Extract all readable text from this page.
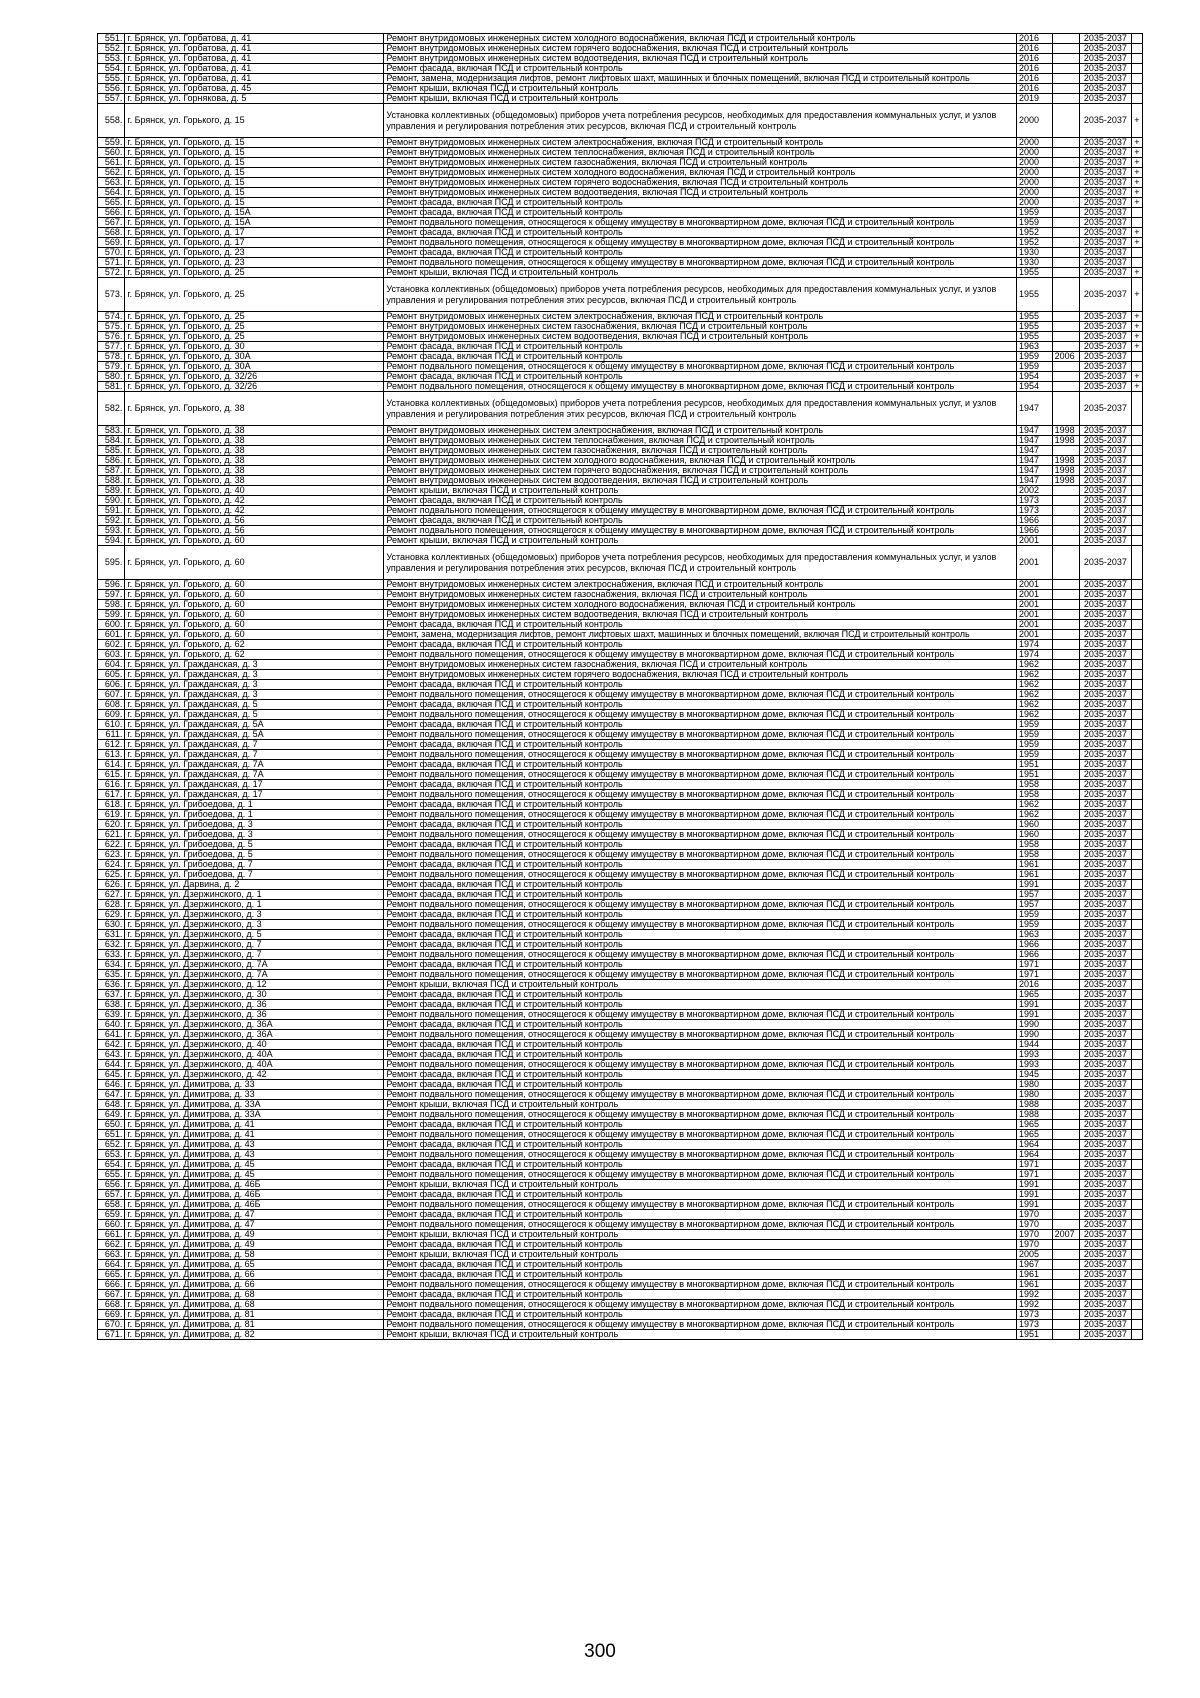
551.	г. Брянск, ул. Горбатова, д. 41	Ремонт внутридомовых инженерных систем холодного водоснабжения, включая ПСД и строительный контроль	2016		2035-2037	
552.	г. Брянск, ул. Горбатова, д. 41	Ремонт внутридомовых инженерных систем горячего водоснабжения, включая ПСД и строительный контроль	2016		2035-2037	
553.	г. Брянск, ул. Горбатова, д. 41	Ремонт внутридомовых инженерных систем водоотведения, включая ПСД и строительный контроль	2016		2035-2037	
554.	г. Брянск, ул. Горбатова, д. 41	Ремонт фасада, включая ПСД и строительный контроль	2016		2035-2037	
555.	г. Брянск, ул. Горбатова, д. 41	Ремонт, замена, модернизация лифтов, ремонт лифтовых шахт, машинных и блочных помещений, включая ПСД и строительный контроль	2016		2035-2037	
556.	г. Брянск, ул. Горбатова, д. 45	Ремонт крыши, включая ПСД и строительный контроль	2016		2035-2037	
557.	г. Брянск, ул. Горнякова, д. 5	Ремонт крыши, включая ПСД и строительный контроль	2019		2035-2037	
558.	г. Брянск, ул. Горького, д. 15	Установка коллективных (общедомовых) приборов учета потребления ресурсов, необходимых для предоставления коммунальных услуг, и узлов управления и регулирования потребления этих ресурсов, включая ПСД и строительный контроль	2000		2035-2037	+
559.	г. Брянск, ул. Горького, д. 15	Ремонт внутридомовых инженерных систем электроснабжения, включая ПСД и строительный контроль	2000		2035-2037	+
560.	г. Брянск, ул. Горького, д. 15	Ремонт внутридомовых инженерных систем теплоснабжения, включая ПСД и строительный контроль	2000		2035-2037	+
561.	г. Брянск, ул. Горького, д. 15	Ремонт внутридомовых инженерных систем газоснабжения, включая ПСД и строительный контроль	2000		2035-2037	+
562.	г. Брянск, ул. Горького, д. 15	Ремонт внутридомовых инженерных систем холодного водоснабжения, включая ПСД и строительный контроль	2000		2035-2037	+
563.	г. Брянск, ул. Горького, д. 15	Ремонт внутридомовых инженерных систем горячего водоснабжения, включая ПСД и строительный контроль	2000		2035-2037	+
564.	г. Брянск, ул. Горького, д. 15	Ремонт внутридомовых инженерных систем водоотведения, включая ПСД и строительный контроль	2000		2035-2037	+
565.	г. Брянск, ул. Горького, д. 15	Ремонт фасада, включая ПСД и строительный контроль	2000		2035-2037	+
566.	г. Брянск, ул. Горького, д. 15А	Ремонт фасада, включая ПСД и строительный контроль	1959		2035-2037	
567.	г. Брянск, ул. Горького, д. 15А	Ремонт подвального помещения, относящегося к общему имуществу в многоквартирном доме, включая ПСД и строительный контроль	1959		2035-2037	
568.	г. Брянск, ул. Горького, д. 17	Ремонт фасада, включая ПСД и строительный контроль	1952		2035-2037	+
569.	г. Брянск, ул. Горького, д. 17	Ремонт подвального помещения, относящегося к общему имуществу в многоквартирном доме, включая ПСД и строительный контроль	1952		2035-2037	+
570.	г. Брянск, ул. Горького, д. 23	Ремонт фасада, включая ПСД и строительный контроль	1930		2035-2037	
571.	г. Брянск, ул. Горького, д. 23	Ремонт подвального помещения, относящегося к общему имуществу в многоквартирном доме, включая ПСД и строительный контроль	1930		2035-2037	
572.	г. Брянск, ул. Горького, д. 25	Ремонт крыши, включая ПСД и строительный контроль	1955		2035-2037	+
573.	г. Брянск, ул. Горького, д. 25	Установка коллективных (общедомовых) приборов учета потребления ресурсов, необходимых для предоставления коммунальных услуг, и узлов управления и регулирования потребления этих ресурсов, включая ПСД и строительный контроль	1955		2035-2037	+
574.	г. Брянск, ул. Горького, д. 25	Ремонт внутридомовых инженерных систем электроснабжения, включая ПСД и строительный контроль	1955		2035-2037	+
575.	г. Брянск, ул. Горького, д. 25	Ремонт внутридомовых инженерных систем газоснабжения, включая ПСД и строительный контроль	1955		2035-2037	+
576.	г. Брянск, ул. Горького, д. 25	Ремонт внутридомовых инженерных систем водоотведения, включая ПСД и строительный контроль	1955		2035-2037	+
577.	г. Брянск, ул. Горького, д. 30	Ремонт фасада, включая ПСД и строительный контроль	1963		2035-2037	+
578.	г. Брянск, ул. Горького, д. 30А	Ремонт фасада, включая ПСД и строительный контроль	1959	2006	2035-2037	
579.	г. Брянск, ул. Горького, д. 30А	Ремонт подвального помещения, относящегося к общему имуществу в многоквартирном доме, включая ПСД и строительный контроль	1959		2035-2037	
580.	г. Брянск, ул. Горького, д. 32/26	Ремонт фасада, включая ПСД и строительный контроль	1954		2035-2037	+
581.	г. Брянск, ул. Горького, д. 32/26	Ремонт подвального помещения, относящегося к общему имуществу в многоквартирном доме, включая ПСД и строительный контроль	1954		2035-2037	+
582.	г. Брянск, ул. Горького, д. 38	Установка коллективных (общедомовых) приборов учета потребления ресурсов, необходимых для предоставления коммунальных услуг, и узлов управления и регулирования потребления этих ресурсов, включая ПСД и строительный контроль	1947		2035-2037	
583.	г. Брянск, ул. Горького, д. 38	Ремонт внутридомовых инженерных систем электроснабжения, включая ПСД и строительный контроль	1947	1998	2035-2037	
584.	г. Брянск, ул. Горького, д. 38	Ремонт внутридомовых инженерных систем теплоснабжения, включая ПСД и строительный контроль	1947	1998	2035-2037	
585.	г. Брянск, ул. Горького, д. 38	Ремонт внутридомовых инженерных систем газоснабжения, включая ПСД и строительный контроль	1947		2035-2037	
586.	г. Брянск, ул. Горького, д. 38	Ремонт внутридомовых инженерных систем холодного водоснабжения, включая ПСД и строительный контроль	1947	1998	2035-2037	
587.	г. Брянск, ул. Горького, д. 38	Ремонт внутридомовых инженерных систем горячего водоснабжения, включая ПСД и строительный контроль	1947	1998	2035-2037	
588.	г. Брянск, ул. Горького, д. 38	Ремонт внутридомовых инженерных систем водоотведения, включая ПСД и строительный контроль	1947	1998	2035-2037	
589.	г. Брянск, ул. Горького, д. 40	Ремонт крыши, включая ПСД и строительный контроль	2002		2035-2037	
590.	г. Брянск, ул. Горького, д. 42	Ремонт фасада, включая ПСД и строительный контроль	1973		2035-2037	
591.	г. Брянск, ул. Горького, д. 42	Ремонт подвального помещения, относящегося к общему имуществу в многоквартирном доме, включая ПСД и строительный контроль	1973		2035-2037	
592.	г. Брянск, ул. Горького, д. 56	Ремонт фасада, включая ПСД и строительный контроль	1966		2035-2037	
593.	г. Брянск, ул. Горького, д. 56	Ремонт подвального помещения, относящегося к общему имуществу в многоквартирном доме, включая ПСД и строительный контроль	1966		2035-2037	
594.	г. Брянск, ул. Горького, д. 60	Ремонт крыши, включая ПСД и строительный контроль	2001		2035-2037	
595.	г. Брянск, ул. Горького, д. 60	Установка коллективных (общедомовых) приборов учета потребления ресурсов, необходимых для предоставления коммунальных услуг, и узлов управления и регулирования потребления этих ресурсов, включая ПСД и строительный контроль	2001		2035-2037	
596.	г. Брянск, ул. Горького, д. 60	Ремонт внутридомовых инженерных систем электроснабжения, включая ПСД и строительный контроль	2001		2035-2037	
597.	г. Брянск, ул. Горького, д. 60	Ремонт внутридомовых инженерных систем газоснабжения, включая ПСД и строительный контроль	2001		2035-2037	
598.	г. Брянск, ул. Горького, д. 60	Ремонт внутридомовых инженерных систем холодного водоснабжения, включая ПСД и строительный контроль	2001		2035-2037	
599.	г. Брянск, ул. Горького, д. 60	Ремонт внутридомовых инженерных систем водоотведения, включая ПСД и строительный контроль	2001		2035-2037	
600.	г. Брянск, ул. Горького, д. 60	Ремонт фасада, включая ПСД и строительный контроль	2001		2035-2037	
601.	г. Брянск, ул. Горького, д. 60	Ремонт, замена, модернизация лифтов, ремонт лифтовых шахт, машинных и блочных помещений, включая ПСД и строительный контроль	2001		2035-2037	
602.	г. Брянск, ул. Горького, д. 62	Ремонт фасада, включая ПСД и строительный контроль	1974		2035-2037	
603.	г. Брянск, ул. Горького, д. 62	Ремонт подвального помещения, относящегося к общему имуществу в многоквартирном доме, включая ПСД и строительный контроль	1974		2035-2037	
604.	г. Брянск, ул. Гражданская, д. 3	Ремонт внутридомовых инженерных систем газоснабжения, включая ПСД и строительный контроль	1962		2035-2037	
605.	г. Брянск, ул. Гражданская, д. 3	Ремонт внутридомовых инженерных систем горячего водоснабжения, включая ПСД и строительный контроль	1962		2035-2037	
606.	г. Брянск, ул. Гражданская, д. 3	Ремонт фасада, включая ПСД и строительный контроль	1962		2035-2037	
607.	г. Брянск, ул. Гражданская, д. 3	Ремонт подвального помещения, относящегося к общему имуществу в многоквартирном доме, включая ПСД и строительный контроль	1962		2035-2037	
608.	г. Брянск, ул. Гражданская, д. 5	Ремонт фасада, включая ПСД и строительный контроль	1962		2035-2037	
609.	г. Брянск, ул. Гражданская, д. 5	Ремонт подвального помещения, относящегося к общему имуществу в многоквартирном доме, включая ПСД и строительный контроль	1962		2035-2037	
610.	г. Брянск, ул. Гражданская, д. 5А	Ремонт фасада, включая ПСД и строительный контроль	1959		2035-2037	
611.	г. Брянск, ул. Гражданская, д. 5А	Ремонт подвального помещения, относящегося к общему имуществу в многоквартирном доме, включая ПСД и строительный контроль	1959		2035-2037	
612.	г. Брянск, ул. Гражданская, д. 7	Ремонт фасада, включая ПСД и строительный контроль	1959		2035-2037	
613.	г. Брянск, ул. Гражданская, д. 7	Ремонт подвального помещения, относящегося к общему имуществу в многоквартирном доме, включая ПСД и строительный контроль	1959		2035-2037	
614.	г. Брянск, ул. Гражданская, д. 7А	Ремонт фасада, включая ПСД и строительный контроль	1951		2035-2037	
615.	г. Брянск, ул. Гражданская, д. 7А	Ремонт подвального помещения, относящегося к общему имуществу в многоквартирном доме, включая ПСД и строительный контроль	1951		2035-2037	
616.	г. Брянск, ул. Гражданская, д. 17	Ремонт фасада, включая ПСД и строительный контроль	1958		2035-2037	
617.	г. Брянск, ул. Гражданская, д. 17	Ремонт подвального помещения, относящегося к общему имуществу в многоквартирном доме, включая ПСД и строительный контроль	1958		2035-2037	
618.	г. Брянск, ул. Грибоедова, д. 1	Ремонт фасада, включая ПСД и строительный контроль	1962		2035-2037	
619.	г. Брянск, ул. Грибоедова, д. 1	Ремонт подвального помещения, относящегося к общему имуществу в многоквартирном доме, включая ПСД и строительный контроль	1962		2035-2037	
620.	г. Брянск, ул. Грибоедова, д. 3	Ремонт фасада, включая ПСД и строительный контроль	1960		2035-2037	
621.	г. Брянск, ул. Грибоедова, д. 3	Ремонт подвального помещения, относящегося к общему имуществу в многоквартирном доме, включая ПСД и строительный контроль	1960		2035-2037	
622.	г. Брянск, ул. Грибоедова, д. 5	Ремонт фасада, включая ПСД и строительный контроль	1958		2035-2037	
623.	г. Брянск, ул. Грибоедова, д. 5	Ремонт подвального помещения, относящегося к общему имуществу в многоквартирном доме, включая ПСД и строительный контроль	1958		2035-2037	
624.	г. Брянск, ул. Грибоедова, д. 7	Ремонт фасада, включая ПСД и строительный контроль	1961		2035-2037	
625.	г. Брянск, ул. Грибоедова, д. 7	Ремонт подвального помещения, относящегося к общему имуществу в многоквартирном доме, включая ПСД и строительный контроль	1961		2035-2037	
626.	г. Брянск, ул. Дарвина, д. 2	Ремонт фасада, включая ПСД и строительный контроль	1991		2035-2037	
627.	г. Брянск, ул. Дзержинского, д. 1	Ремонт фасада, включая ПСД и строительный контроль	1957		2035-2037	
628.	г. Брянск, ул. Дзержинского, д. 1	Ремонт подвального помещения, относящегося к общему имуществу в многоквартирном доме, включая ПСД и строительный контроль	1957		2035-2037	
629.	г. Брянск, ул. Дзержинского, д. 3	Ремонт фасада, включая ПСД и строительный контроль	1959		2035-2037	
630.	г. Брянск, ул. Дзержинского, д. 3	Ремонт подвального помещения, относящегося к общему имуществу в многоквартирном доме, включая ПСД и строительный контроль	1959		2035-2037	
631.	г. Брянск, ул. Дзержинского, д. 5	Ремонт фасада, включая ПСД и строительный контроль	1963		2035-2037	
632.	г. Брянск, ул. Дзержинского, д. 7	Ремонт фасада, включая ПСД и строительный контроль	1966		2035-2037	
633.	г. Брянск, ул. Дзержинского, д. 7	Ремонт подвального помещения, относящегося к общему имуществу в многоквартирном доме, включая ПСД и строительный контроль	1966		2035-2037	
634.	г. Брянск, ул. Дзержинского, д. 7А	Ремонт фасада, включая ПСД и строительный контроль	1971		2035-2037	
635.	г. Брянск, ул. Дзержинского, д. 7А	Ремонт подвального помещения, относящегося к общему имуществу в многоквартирном доме, включая ПСД и строительный контроль	1971		2035-2037	
636.	г. Брянск, ул. Дзержинского, д. 12	Ремонт крыши, включая ПСД и строительный контроль	2016		2035-2037	
637.	г. Брянск, ул. Дзержинского, д. 30	Ремонт фасада, включая ПСД и строительный контроль	1965		2035-2037	
638.	г. Брянск, ул. Дзержинского, д. 36	Ремонт фасада, включая ПСД и строительный контроль	1991		2035-2037	
639.	г. Брянск, ул. Дзержинского, д. 36	Ремонт подвального помещения, относящегося к общему имуществу в многоквартирном доме, включая ПСД и строительный контроль	1991		2035-2037	
640.	г. Брянск, ул. Дзержинского, д. 36А	Ремонт фасада, включая ПСД и строительный контроль	1990		2035-2037	
641.	г. Брянск, ул. Дзержинского, д. 36А	Ремонт подвального помещения, относящегося к общему имуществу в многоквартирном доме, включая ПСД и строительный контроль	1990		2035-2037	
642.	г. Брянск, ул. Дзержинского, д. 40	Ремонт фасада, включая ПСД и строительный контроль	1944		2035-2037	
643.	г. Брянск, ул. Дзержинского, д. 40А	Ремонт фасада, включая ПСД и строительный контроль	1993		2035-2037	
644.	г. Брянск, ул. Дзержинского, д. 40А	Ремонт подвального помещения, относящегося к общему имуществу в многоквартирном доме, включая ПСД и строительный контроль	1993		2035-2037	
645.	г. Брянск, ул. Дзержинского, д. 42	Ремонт фасада, включая ПСД и строительный контроль	1945		2035-2037	
646.	г. Брянск, ул. Димитрова, д. 33	Ремонт фасада, включая ПСД и строительный контроль	1980		2035-2037	
647.	г. Брянск, ул. Димитрова, д. 33	Ремонт подвального помещения, относящегося к общему имуществу в многоквартирном доме, включая ПСД и строительный контроль	1980		2035-2037	
648.	г. Брянск, ул. Димитрова, д. 33А	Ремонт крыши, включая ПСД и строительный контроль	1988		2035-2037	
649.	г. Брянск, ул. Димитрова, д. 33А	Ремонт подвального помещения, относящегося к общему имуществу в многоквартирном доме, включая ПСД и строительный контроль	1988		2035-2037	
650.	г. Брянск, ул. Димитрова, д. 41	Ремонт фасада, включая ПСД и строительный контроль	1965		2035-2037	
651.	г. Брянск, ул. Димитрова, д. 41	Ремонт подвального помещения, относящегося к общему имуществу в многоквартирном доме, включая ПСД и строительный контроль	1965		2035-2037	
652.	г. Брянск, ул. Димитрова, д. 43	Ремонт фасада, включая ПСД и строительный контроль	1964		2035-2037	
653.	г. Брянск, ул. Димитрова, д. 43	Ремонт подвального помещения, относящегося к общему имуществу в многоквартирном доме, включая ПСД и строительный контроль	1964		2035-2037	
654.	г. Брянск, ул. Димитрова, д. 45	Ремонт фасада, включая ПСД и строительный контроль	1971		2035-2037	
655.	г. Брянск, ул. Димитрова, д. 45	Ремонт подвального помещения, относящегося к общему имуществу в многоквартирном доме, включая ПСД и строительный контроль	1971		2035-2037	
656.	г. Брянск, ул. Димитрова, д. 46Б	Ремонт крыши, включая ПСД и строительный контроль	1991		2035-2037	
657.	г. Брянск, ул. Димитрова, д. 46Б	Ремонт фасада, включая ПСД и строительный контроль	1991		2035-2037	
658.	г. Брянск, ул. Димитрова, д. 46Б	Ремонт подвального помещения, относящегося к общему имуществу в многоквартирном доме, включая ПСД и строительный контроль	1991		2035-2037	
659.	г. Брянск, ул. Димитрова, д. 47	Ремонт фасада, включая ПСД и строительный контроль	1970		2035-2037	
660.	г. Брянск, ул. Димитрова, д. 47	Ремонт подвального помещения, относящегося к общему имуществу в многоквартирном доме, включая ПСД и строительный контроль	1970		2035-2037	
661.	г. Брянск, ул. Димитрова, д. 49	Ремонт крыши, включая ПСД и строительный контроль	1970	2007	2035-2037	
662.	г. Брянск, ул. Димитрова, д. 49	Ремонт фасада, включая ПСД и строительный контроль	1970		2035-2037	
663.	г. Брянск, ул. Димитрова, д. 58	Ремонт крыши, включая ПСД и строительный контроль	2005		2035-2037	
664.	г. Брянск, ул. Димитрова, д. 65	Ремонт фасада, включая ПСД и строительный контроль	1967		2035-2037	
665.	г. Брянск, ул. Димитрова, д. 66	Ремонт фасада, включая ПСД и строительный контроль	1961		2035-2037	
666.	г. Брянск, ул. Димитрова, д. 66	Ремонт подвального помещения, относящегося к общему имуществу в многоквартирном доме, включая ПСД и строительный контроль	1961		2035-2037	
667.	г. Брянск, ул. Димитрова, д. 68	Ремонт фасада, включая ПСД и строительный контроль	1992		2035-2037	
668.	г. Брянск, ул. Димитрова, д. 68	Ремонт подвального помещения, относящегося к общему имуществу в многоквартирном доме, включая ПСД и строительный контроль	1992		2035-2037	
669.	г. Брянск, ул. Димитрова, д. 81	Ремонт фасада, включая ПСД и строительный контроль	1973		2035-2037	
670.	г. Брянск, ул. Димитрова, д. 81	Ремонт подвального помещения, относящегося к общему имуществу в многоквартирном доме, включая ПСД и строительный контроль	1973		2035-2037	
671.	г. Брянск, ул. Димитрова, д. 82	Ремонт крыши, включая ПСД и строительный контроль	1951		2035-2037	
300
